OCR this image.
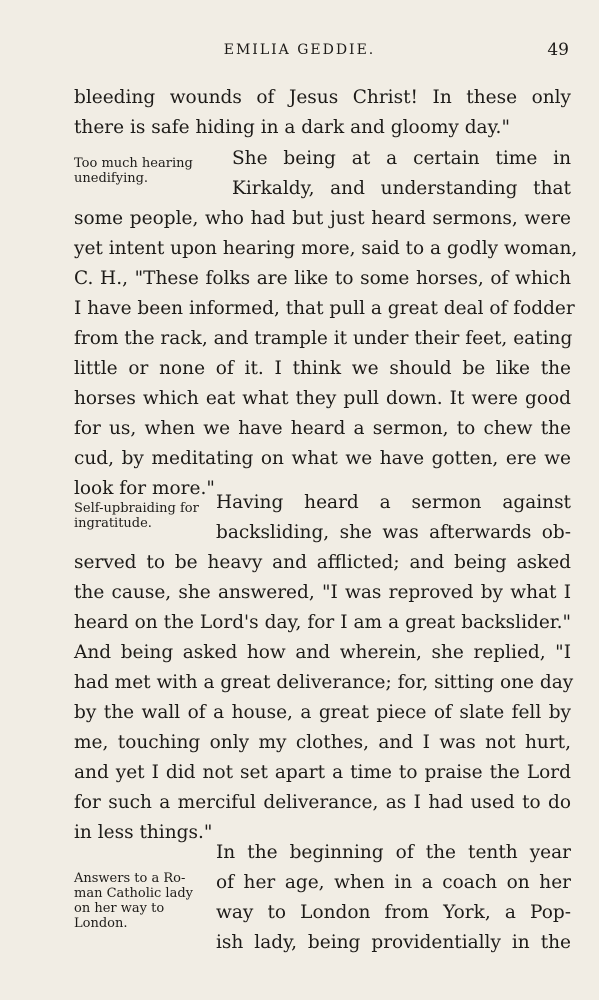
EMILIA GEDDIE.	49
Too much hearing
unedifying.
Self-upbraiding for
ingratitude.
Answers to a Ro-
man Catholic lady
on her way to
London.
bleeding wounds of Jesus Christ! In these only
there is safe hiding in a dark and gloomy day."
She being at a certain time in
Kirkaldy, and understanding that
some people, who had but just heard sermons, were
yet intent upon hearing more, said to a godly woman,
C. H., "These folks are like to some horses, of which
I have been informed, that pull a great deal of fodder
from the rack, and trample it under their feet, eating
little or none of it. I think we should be like the
horses which eat what they pull down. It were good
for us, when we have heard a sermon, to chew the
cud, by meditating on what we have gotten, ere we
look for more."
Having heard a sermon against
backsliding, she was afterwards ob-
served to be heavy and afflicted; and being asked
the cause, she answered, "I was reproved by what I
heard on the Lord's day, for I am a great backslider."
And being asked how and wherein, she replied, "I
had met with a great deliverance; for, sitting one day
by the wall of a house, a great piece of slate fell by
me, touching only my clothes, and I was not hurt,
and yet I did not set apart a time to praise the Lord
for such a merciful deliverance, as I had used to do
in less things."
In the beginning of the tenth year
of her age, when in a coach on her
way to London from York, a Pop-
ish lady, being providentially in the
